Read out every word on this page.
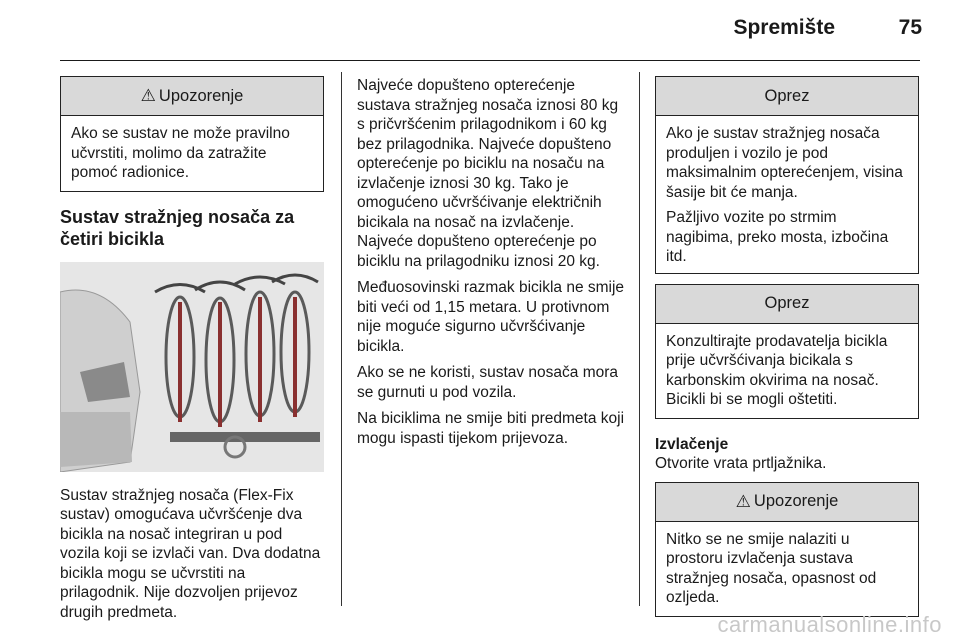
Spremište	75
⚠ Upozorenje

Ako se sustav ne može pravilno učvrstiti, molimo da zatražite pomoć radionice.

Sustav stražnjeg nosača za četiri bicikla

Sustav stražnjeg nosača (Flex-Fix sustav) omogućava učvršćenje dva bicikla na nosač integriran u pod vozila koji se izvlači van. Dva dodatna bicikla mogu se učvrstiti na prilagodnik. Nije dozvoljen prijevoz drugih predmeta.

Najveće dopušteno opterećenje sustava stražnjeg nosača iznosi 80 kg s pričvršćenim prilagodnikom i 60 kg bez prilagodnika. Najveće dopušteno opterećenje po biciklu na nosaču na izvlačenje iznosi 30 kg. Tako je omogućeno učvršćivanje električnih bicikala na nosač na izvlačenje. Najveće dopušteno opterećenje po biciklu na prilagodniku iznosi 20 kg.

Međuosovinski razmak bicikla ne smije biti veći od 1,15 metara. U protivnom nije moguće sigurno učvršćivanje bicikla.

Ako se ne koristi, sustav nosača mora se gurnuti u pod vozila.

Na biciklima ne smije biti predmeta koji mogu ispasti tijekom prijevoza.

Oprez

Ako je sustav stražnjeg nosača produljen i vozilo je pod maksimalnim opterećenjem, visina šasije bit će manja.

Pažljivo vozite po strmim nagibima, preko mosta, izbočina itd.

Oprez

Konzultirajte prodavatelja bicikla prije učvršćivanja bicikala s karbonskim okvirima na nosač. Bicikli bi se mogli oštetiti.

Izvlačenje

Otvorite vrata prtljažnika.

⚠ Upozorenje

Nitko se ne smije nalaziti u prostoru izvlačenja sustava stražnjeg nosača, opasnost od ozljeda.

carmanualsonline.info
